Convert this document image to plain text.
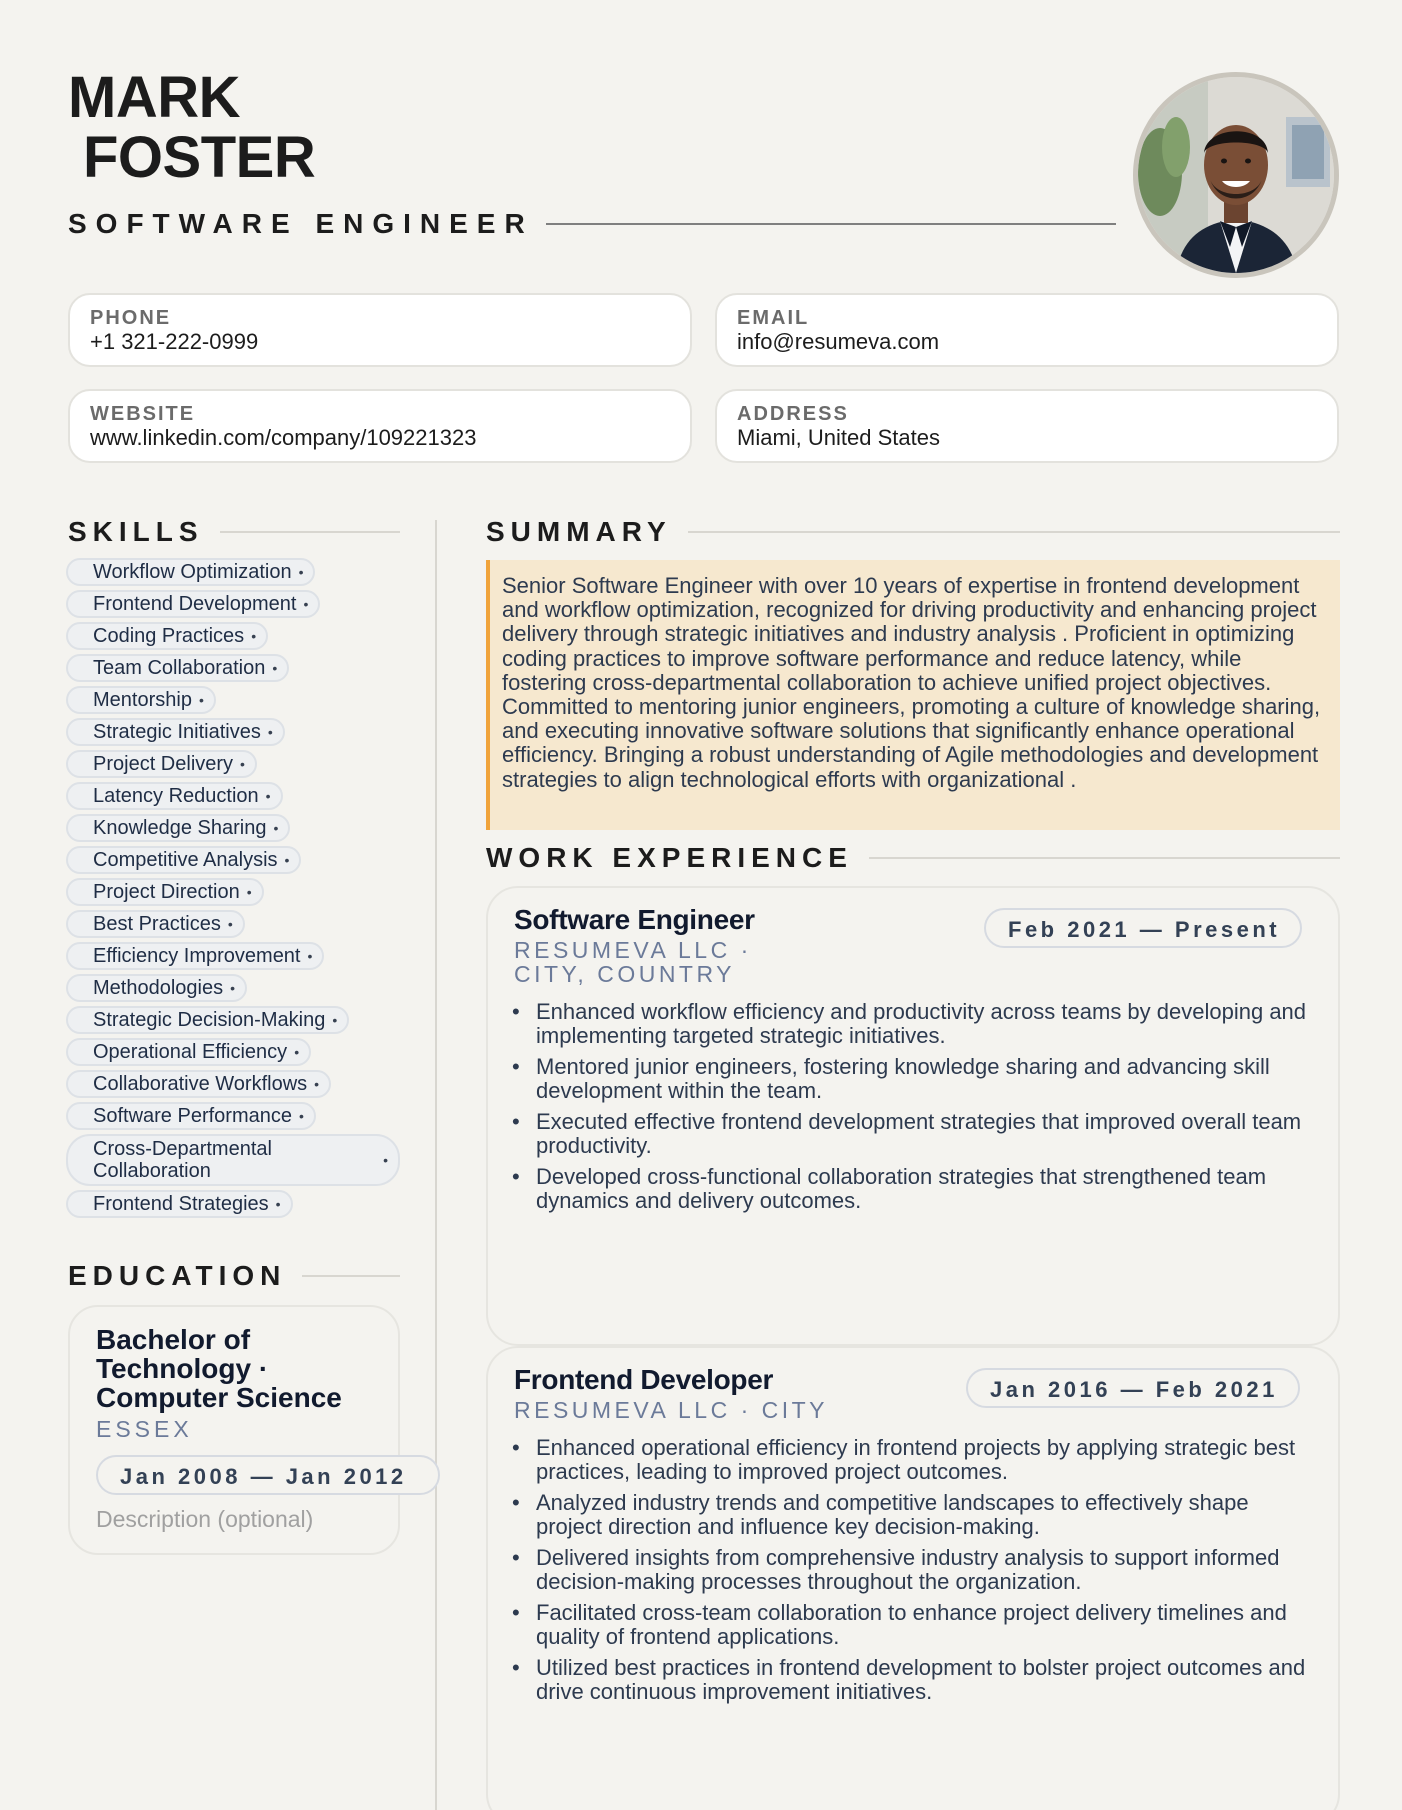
MARK
FOSTER
SOFTWARE ENGINEER
PHONE
+1 321-222-0999
EMAIL
info@resumeva.com
WEBSITE
www.linkedin.com/company/109221323
ADDRESS
Miami, United States
SKILLS
Workflow Optimization •
Frontend Development •
Coding Practices •
Team Collaboration •
Mentorship •
Strategic Initiatives •
Project Delivery •
Latency Reduction •
Knowledge Sharing •
Competitive Analysis •
Project Direction •
Best Practices •
Efficiency Improvement •
Methodologies •
Strategic Decision-Making •
Operational Efficiency •
Collaborative Workflows •
Software Performance •
Cross-Departmental Collaboration	•
Frontend Strategies •
EDUCATION
Bachelor of Technology · Computer Science
ESSEX
Jan 2008 — Jan 2012
Description (optional)
SUMMARY

Senior Software Engineer with over 10 years of expertise in frontend development and workflow optimization, recognized for driving productivity and enhancing project delivery through strategic initiatives and industry analysis . Proficient in optimizing coding practices to improve software performance and reduce latency, while fostering cross-departmental collaboration to achieve unified project objectives. Committed to mentoring junior engineers, promoting a culture of knowledge sharing, and executing innovative software solutions that significantly enhance operational efficiency. Bringing a robust understanding of Agile methodologies and development strategies to align technological efforts with organizational .

WORK EXPERIENCE
Software Engineer
RESUMEVA LLC · CITY, COUNTRY
Feb 2021 — Present
• Enhanced workflow efficiency and productivity across teams by developing and implementing targeted strategic initiatives.
• Mentored junior engineers, fostering knowledge sharing and advancing skill development within the team.
• Executed effective frontend development strategies that improved overall team productivity.
• Developed cross-functional collaboration strategies that strengthened team dynamics and delivery outcomes.
Frontend Developer
RESUMEVA LLC · CITY
Jan 2016 — Feb 2021
• Enhanced operational efficiency in frontend projects by applying strategic best practices, leading to improved project outcomes.
• Analyzed industry trends and competitive landscapes to effectively shape project direction and influence key decision-making.
• Delivered insights from comprehensive industry analysis to support informed decision-making processes throughout the organization.
• Facilitated cross-team collaboration to enhance project delivery timelines and quality of frontend applications.
• Utilized best practices in frontend development to bolster project outcomes and drive continuous improvement initiatives.
